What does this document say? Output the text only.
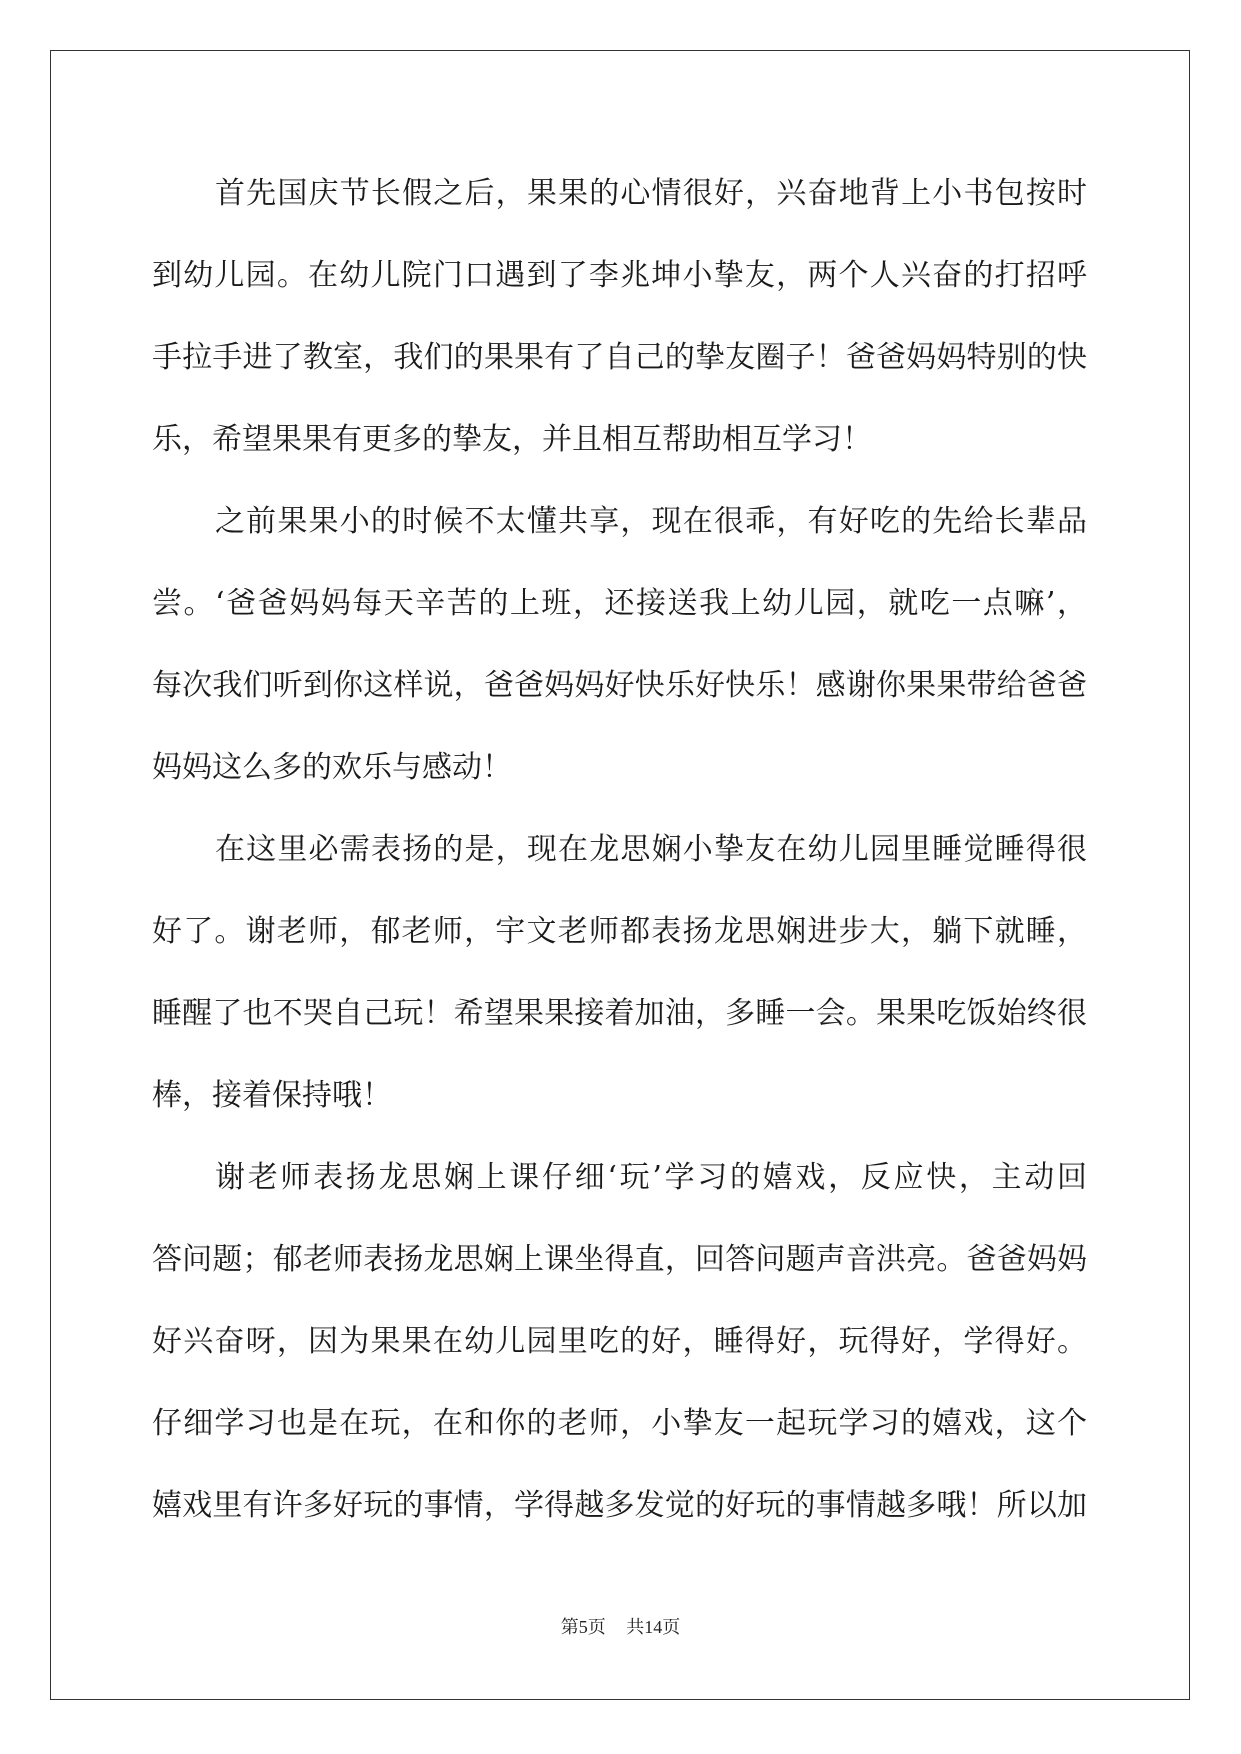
首先国庆节长假之后，果果的心情很好，兴奋地背上小书包按时
到幼儿园。在幼儿院门口遇到了李兆坤小挚友，两个人兴奋的打招呼
手拉手进了教室，我们的果果有了自己的挚友圈子！爸爸妈妈特别的快
乐，希望果果有更多的挚友，并且相互帮助相互学习！
之前果果小的时候不太懂共享，现在很乖，有好吃的先给长辈品
尝。‘爸爸妈妈每天辛苦的上班，还接送我上幼儿园，就吃一点嘛’，
每次我们听到你这样说，爸爸妈妈好快乐好快乐！感谢你果果带给爸爸
妈妈这么多的欢乐与感动！
在这里必需表扬的是，现在龙思娴小挚友在幼儿园里睡觉睡得很
好了。谢老师，郁老师，宇文老师都表扬龙思娴进步大，躺下就睡，
睡醒了也不哭自己玩！希望果果接着加油，多睡一会。果果吃饭始终很
棒，接着保持哦！
谢老师表扬龙思娴上课仔细‘玩’学习的嬉戏，反应快，主动回
答问题；郁老师表扬龙思娴上课坐得直，回答问题声音洪亮。爸爸妈妈
好兴奋呀，因为果果在幼儿园里吃的好，睡得好，玩得好，学得好。
仔细学习也是在玩，在和你的老师，小挚友一起玩学习的嬉戏，这个
嬉戏里有许多好玩的事情，学得越多发觉的好玩的事情越多哦！所以加
第5页 共14页
